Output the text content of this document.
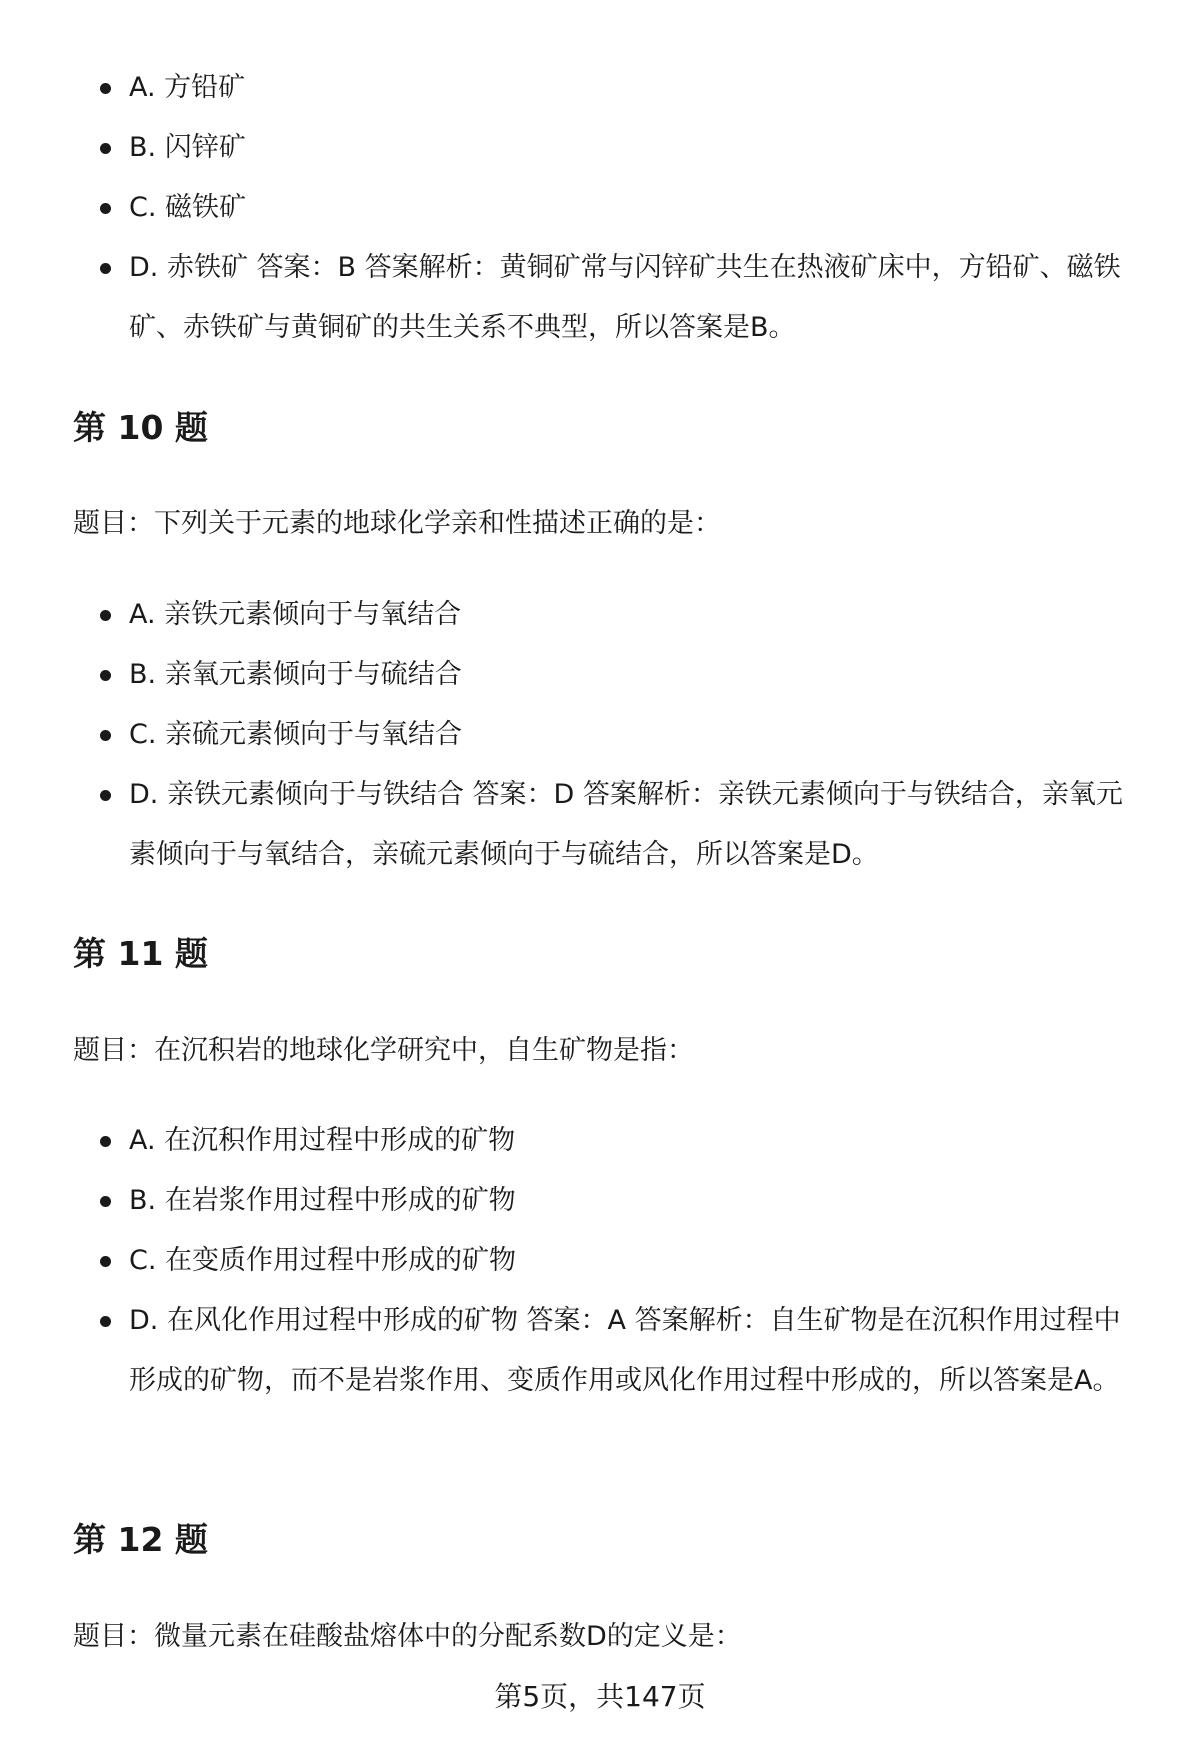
A. 方铅矿
B. 闪锌矿
C. 磁铁矿
D. 赤铁矿 答案：B 答案解析：黄铜矿常与闪锌矿共生在热液矿床中，方铅矿、磁铁矿、赤铁矿与黄铜矿的共生关系不典型，所以答案是B。
第 10 题

题目：下列关于元素的地球化学亲和性描述正确的是：

A. 亲铁元素倾向于与氧结合
B. 亲氧元素倾向于与硫结合
C. 亲硫元素倾向于与氧结合
D. 亲铁元素倾向于与铁结合 答案：D 答案解析：亲铁元素倾向于与铁结合，亲氧元素倾向于与氧结合，亲硫元素倾向于与硫结合，所以答案是D。
第 11 题

题目：在沉积岩的地球化学研究中，自生矿物是指：

A. 在沉积作用过程中形成的矿物
B. 在岩浆作用过程中形成的矿物
C. 在变质作用过程中形成的矿物
D. 在风化作用过程中形成的矿物 答案：A 答案解析：自生矿物是在沉积作用过程中形成的矿物，而不是岩浆作用、变质作用或风化作用过程中形成的，所以答案是A。
第 12 题

题目：微量元素在硅酸盐熔体中的分配系数D的定义是：

第5页，共147页
